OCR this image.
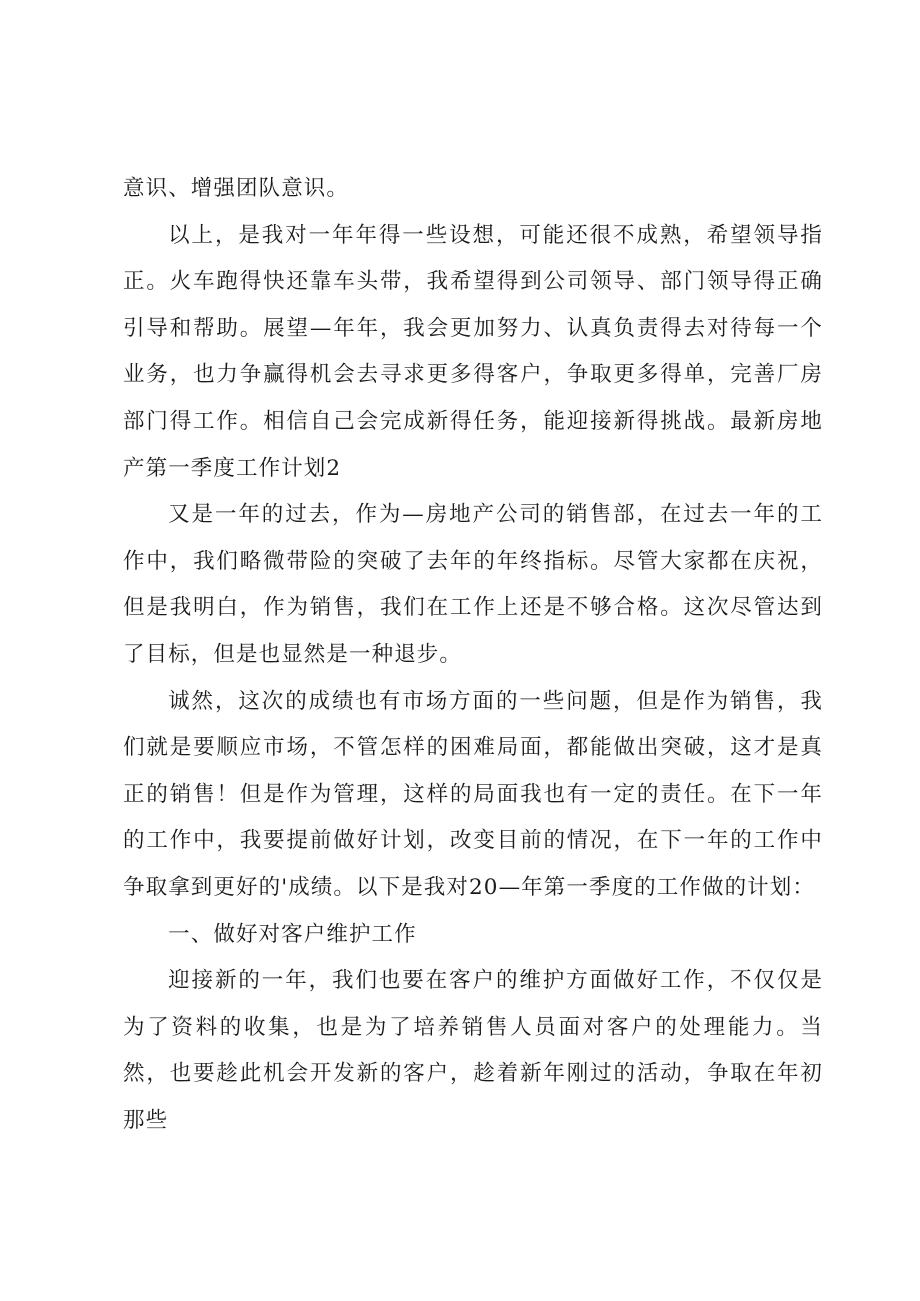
意识、增强团队意识。

以上，是我对一年年得一些设想，可能还很不成熟，希望领导指正。火车跑得快还靠车头带，我希望得到公司领导、部门领导得正确引导和帮助。展望—年年，我会更加努力、认真负责得去对待每一个业务，也力争赢得机会去寻求更多得客户，争取更多得单，完善厂房部门得工作。相信自己会完成新得任务，能迎接新得挑战。最新房地产第一季度工作计划2

又是一年的过去，作为—房地产公司的销售部，在过去一年的工作中，我们略微带险的突破了去年的年终指标。尽管大家都在庆祝，但是我明白，作为销售，我们在工作上还是不够合格。这次尽管达到了目标，但是也显然是一种退步。

诚然，这次的成绩也有市场方面的一些问题，但是作为销售，我们就是要顺应市场，不管怎样的困难局面，都能做出突破，这才是真正的销售！但是作为管理，这样的局面我也有一定的责任。在下一年的工作中，我要提前做好计划，改变目前的情况，在下一年的工作中争取拿到更好的'成绩。以下是我对20—年第一季度的工作做的计划：

一、做好对客户维护工作

迎接新的一年，我们也要在客户的维护方面做好工作，不仅仅是为了资料的收集，也是为了培养销售人员面对客户的处理能力。当然，也要趁此机会开发新的客户，趁着新年刚过的活动，争取在年初那些
